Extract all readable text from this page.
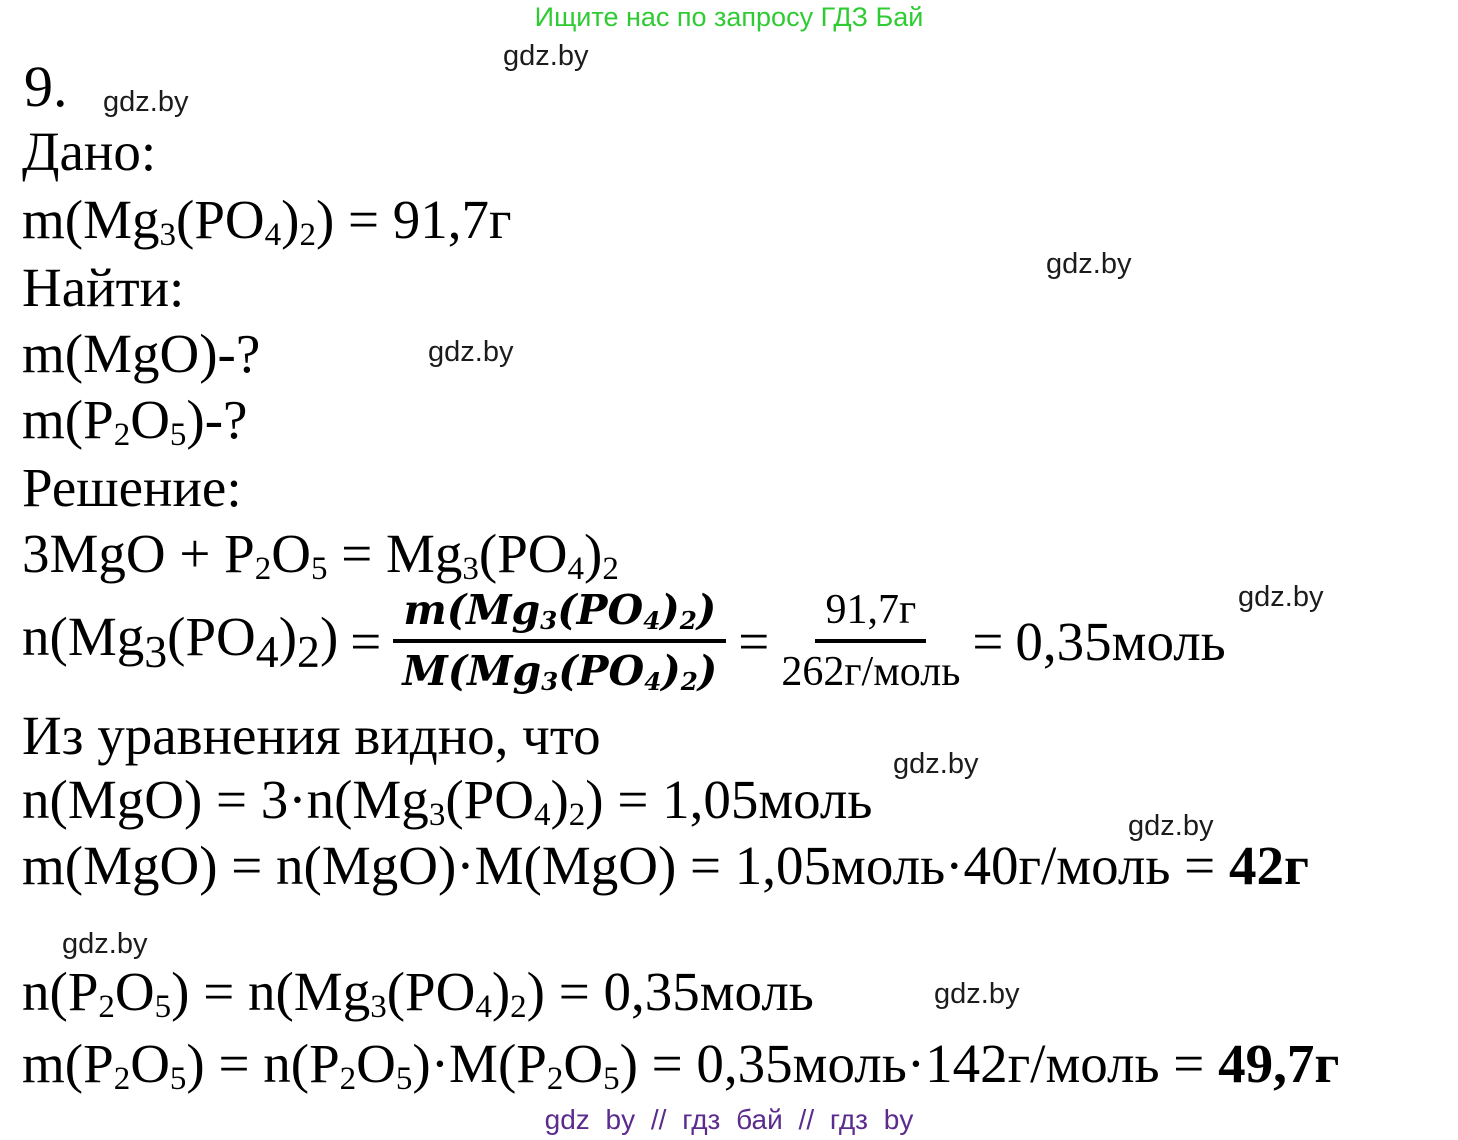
Ищите нас по запросу ГДЗ Бай
gdz.by
gdz.by
gdz.by
gdz.by
gdz.by
gdz.by
gdz.by
gdz.by
gdz.by
9.
Дано:
$m(Mg_3(PO_4)_2) = 91,7г$
Найти:
m(MgO)-?
$m(P_2O_5)-$?
Решение:
$3MgO + P_2O_5 = Mg_3(PO_4)_2$
$n(Mg_3(PO_4)_2) = \frac{m(Mg_3(PO_4)_2)}{M(Mg_3(PO_4)_2)} = \frac{91,7г}{\text{262г/моль}}$ = 0,35моль
Из уравнения видно, что
$n(MgO) = 3\cdot n(Mg_3(PO_4)_2)$ = 1,05моль
m(MgO) = n(MgO)·M(MgO) = 1,05моль·40г/моль = 42г
$n(P_2O_5) = n(Mg_3(PO_4)_2)$ = 0,35моль
$m(P_2O_5) = n(P_2O_5)\cdot M(P_2O_5)$ = 0,35моль·142г/моль = 49,7г
gdz by // гдз бай // гдз by
